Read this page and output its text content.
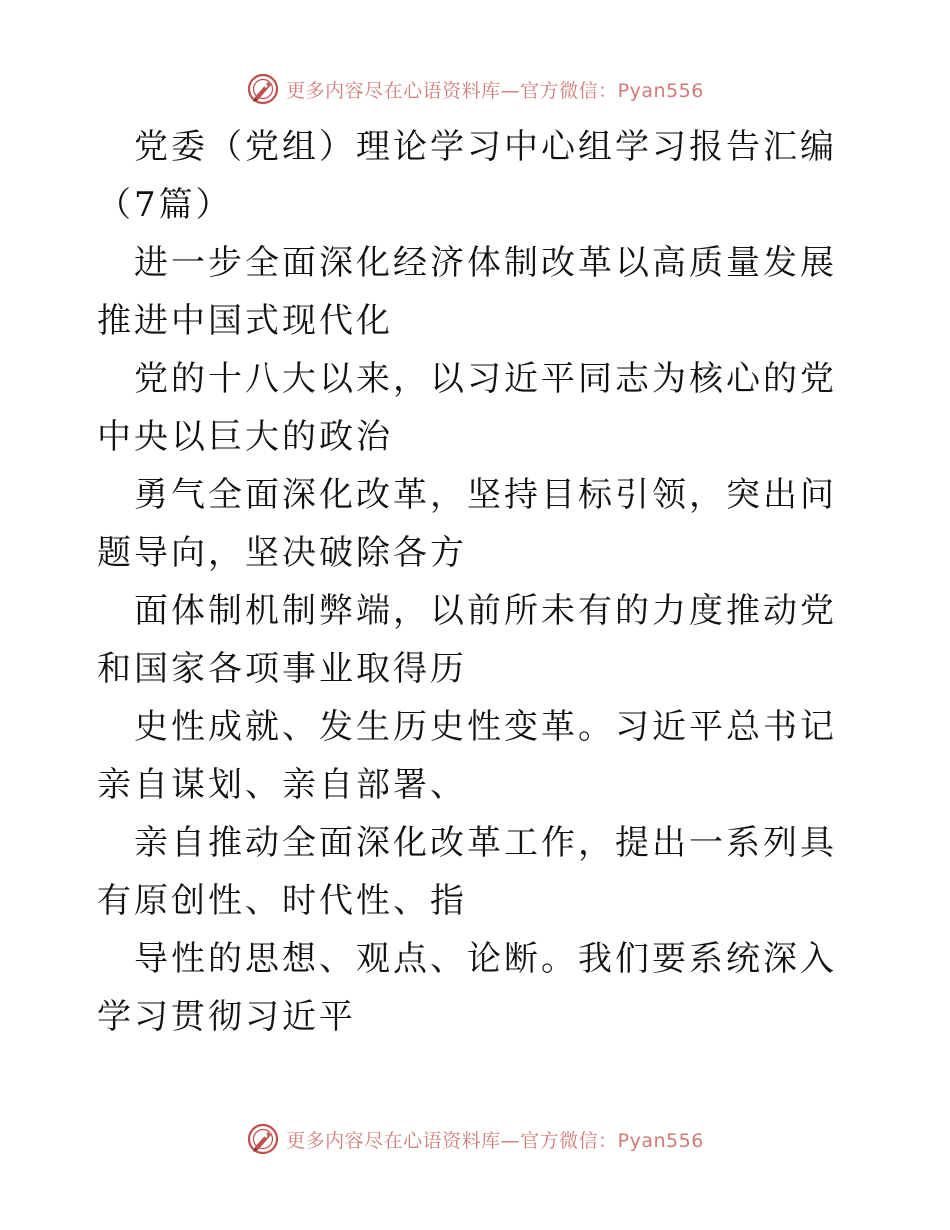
更多内容尽在心语资料库—官方微信：Pyan556

党委（党组）理论学习中心组学习报告汇编（7篇）

进一步全面深化经济体制改革以高质量发展推进中国式现代化

党的十八大以来，以习近平同志为核心的党中央以巨大的政治

勇气全面深化改革，坚持目标引领，突出问题导向，坚决破除各方

面体制机制弊端，以前所未有的力度推动党和国家各项事业取得历

史性成就、发生历史性变革。习近平总书记亲自谋划、亲自部署、

亲自推动全面深化改革工作，提出一系列具有原创性、时代性、指

导性的思想、观点、论断。我们要系统深入学习贯彻习近平

更多内容尽在心语资料库—官方微信：Pyan556
